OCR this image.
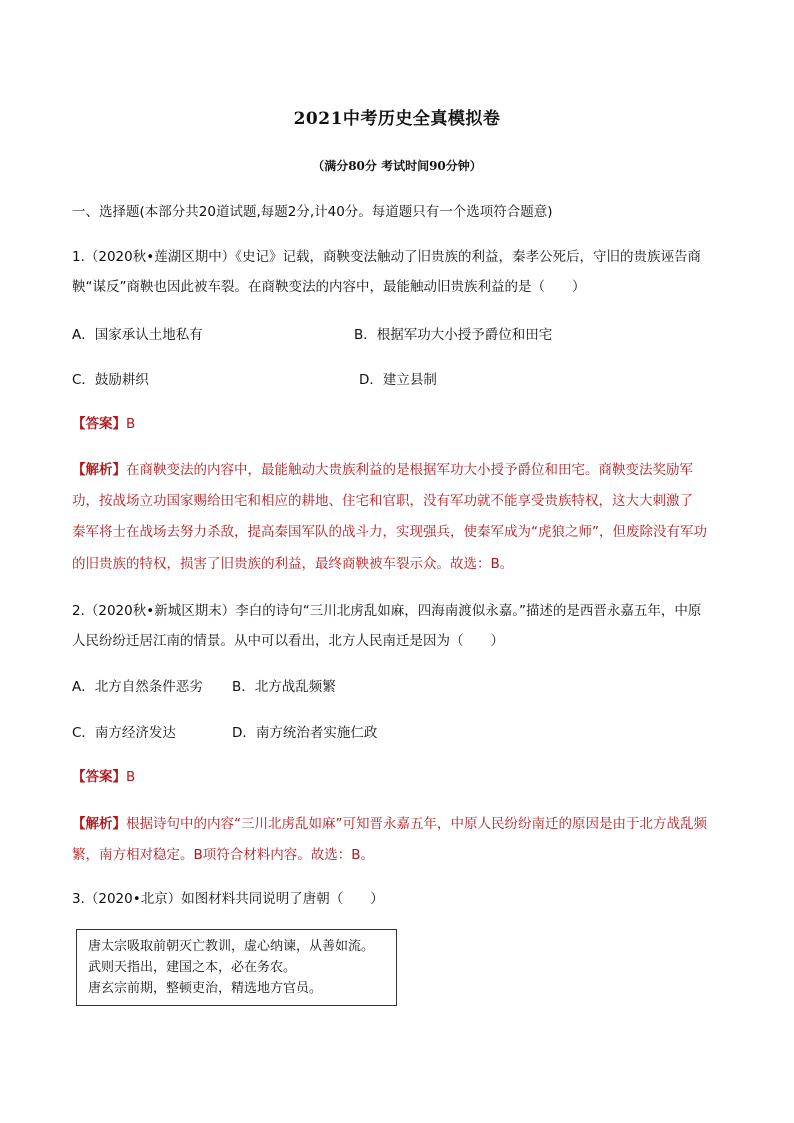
2021中考历史全真模拟卷
（满分80分 考试时间90分钟）
一、选择题(本部分共20道试题,每题2分,计40分。每道题只有一个选项符合题意)
1.（2020秋•莲湖区期中）《史记》记载，商鞅变法触动了旧贵族的利益，秦孝公死后，守旧的贵族诬告商
鞅“谋反”商鞅也因此被车裂。在商鞅变法的内容中，最能触动旧贵族利益的是（　　）
A．国家承认土地私有	B．根据军功大小授予爵位和田宅
C．鼓励耕织	D．建立县制
【答案】B
【解析】在商鞅变法的内容中，最能触动大贵族利益的是根据军功大小授予爵位和田宅。商鞅变法奖励军
功，按战场立功国家赐给田宅和相应的耕地、住宅和官职，没有军功就不能享受贵族特权，这大大刺激了
秦军将士在战场去努力杀敌，提高秦国军队的战斗力，实现强兵，使秦军成为“虎狼之师”，但废除没有军功
的旧贵族的特权，损害了旧贵族的利益，最终商鞅被车裂示众。故选：B。
2.（2020秋•新城区期末）李白的诗句“三川北虏乱如麻，四海南渡似永嘉。”描述的是西晋永嘉五年，中原
人民纷纷迁居江南的情景。从中可以看出，北方人民南迁是因为（　　）
A．北方自然条件恶劣 B．北方战乱频繁
C．南方经济发达	D．南方统治者实施仁政
【答案】B
【解析】根据诗句中的内容“三川北虏乱如麻”可知晋永嘉五年，中原人民纷纷南迁的原因是由于北方战乱频
繁，南方相对稳定。B项符合材料内容。故选：B。
3.（2020•北京）如图材料共同说明了唐朝（　　）
唐太宗吸取前朝灭亡教训，虚心纳谏，从善如流。
武则天指出，建国之本，必在务农。
唐玄宗前期，整顿吏治，精选地方官员。
